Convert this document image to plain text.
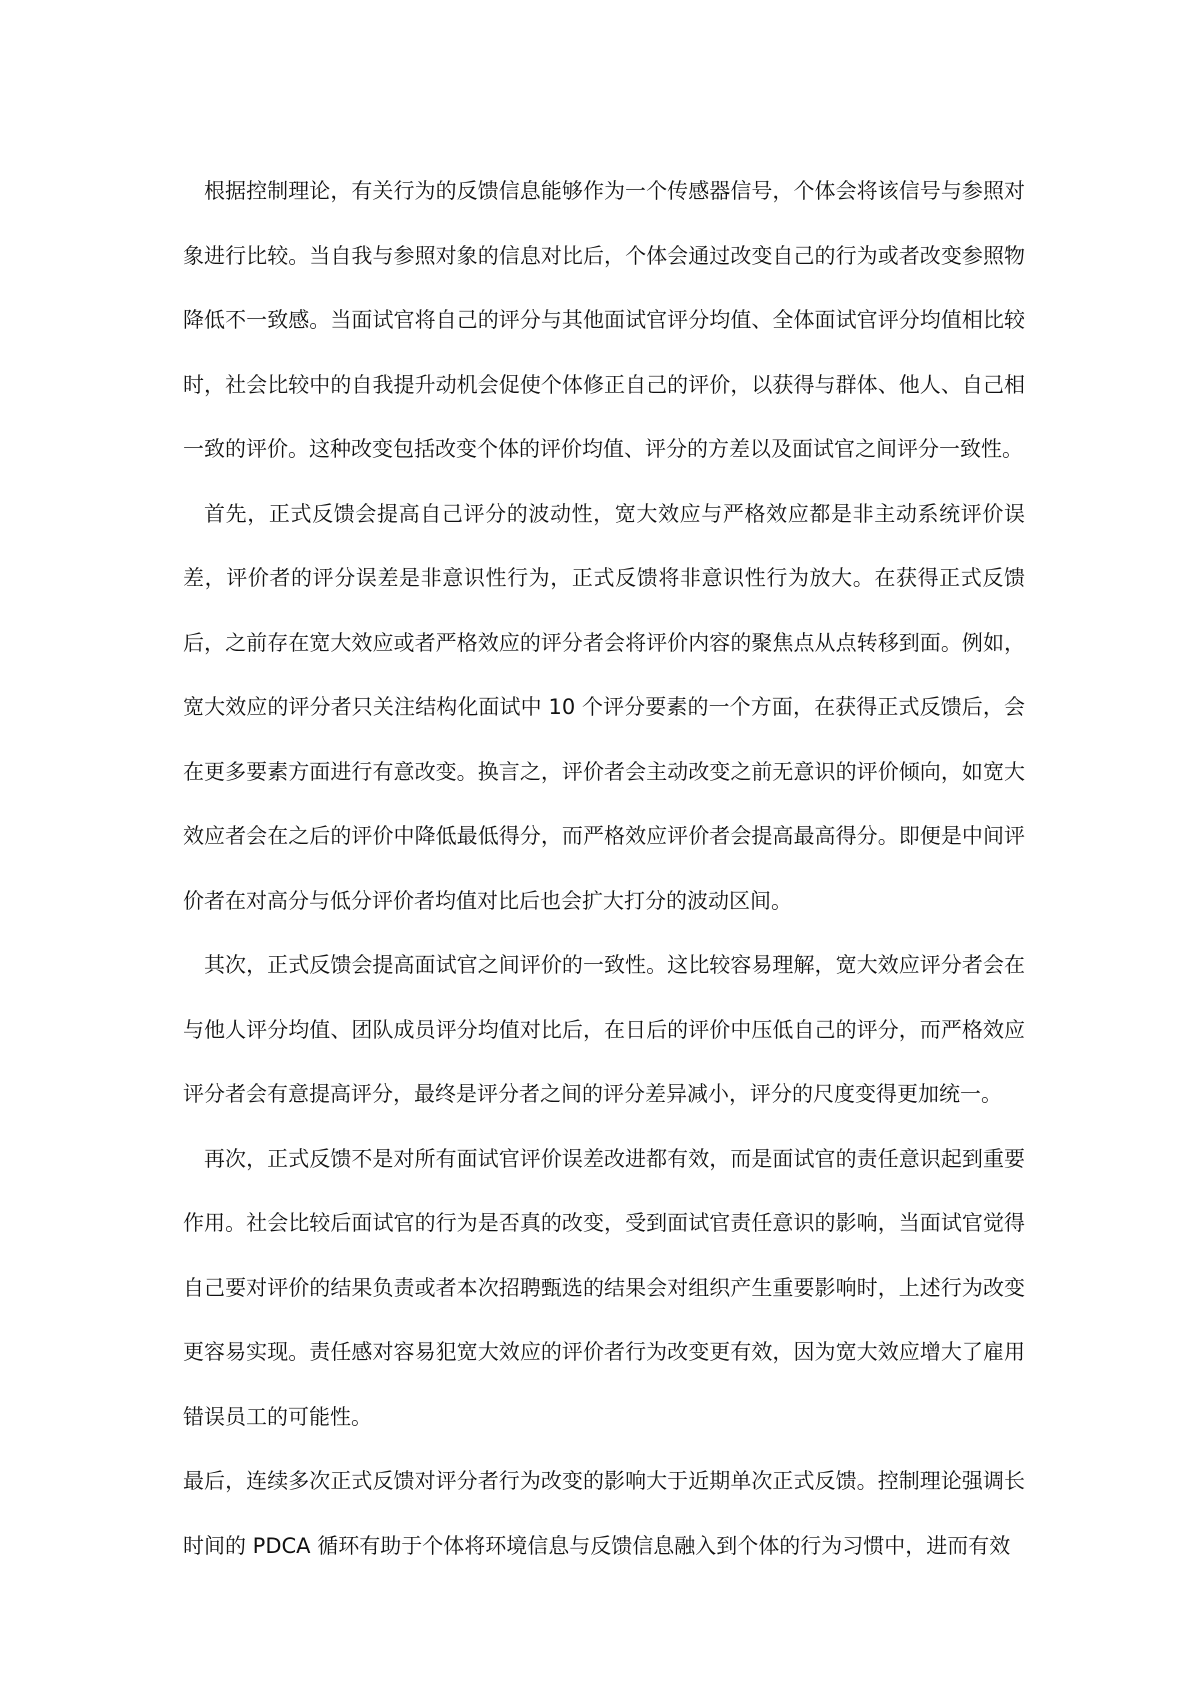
根据控制理论，有关行为的反馈信息能够作为一个传感器信号，个体会将该信号与参照对象进行比较。当自我与参照对象的信息对比后，个体会通过改变自己的行为或者改变参照物降低不一致感。当面试官将自己的评分与其他面试官评分均值、全体面试官评分均值相比较时，社会比较中的自我提升动机会促使个体修正自己的评价，以获得与群体、他人、自己相一致的评价。这种改变包括改变个体的评价均值、评分的方差以及面试官之间评分一致性。

首先，正式反馈会提高自己评分的波动性，宽大效应与严格效应都是非主动系统评价误差，评价者的评分误差是非意识性行为，正式反馈将非意识性行为放大。在获得正式反馈后，之前存在宽大效应或者严格效应的评分者会将评价内容的聚焦点从点转移到面。例如，宽大效应的评分者只关注结构化面试中 10 个评分要素的一个方面，在获得正式反馈后，会在更多要素方面进行有意改变。换言之，评价者会主动改变之前无意识的评价倾向，如宽大效应者会在之后的评价中降低最低得分，而严格效应评价者会提高最高得分。即便是中间评价者在对高分与低分评价者均值对比后也会扩大打分的波动区间。

其次，正式反馈会提高面试官之间评价的一致性。这比较容易理解，宽大效应评分者会在与他人评分均值、团队成员评分均值对比后，在日后的评价中压低自己的评分，而严格效应评分者会有意提高评分，最终是评分者之间的评分差异减小，评分的尺度变得更加统一。

再次，正式反馈不是对所有面试官评价误差改进都有效，而是面试官的责任意识起到重要作用。社会比较后面试官的行为是否真的改变，受到面试官责任意识的影响，当面试官觉得自己要对评价的结果负责或者本次招聘甄选的结果会对组织产生重要影响时，上述行为改变更容易实现。责任感对容易犯宽大效应的评价者行为改变更有效，因为宽大效应增大了雇用错误员工的可能性。

最后，连续多次正式反馈对评分者行为改变的影响大于近期单次正式反馈。控制理论强调长时间的 PDCA 循环有助于个体将环境信息与反馈信息融入到个体的行为习惯中，进而有效
